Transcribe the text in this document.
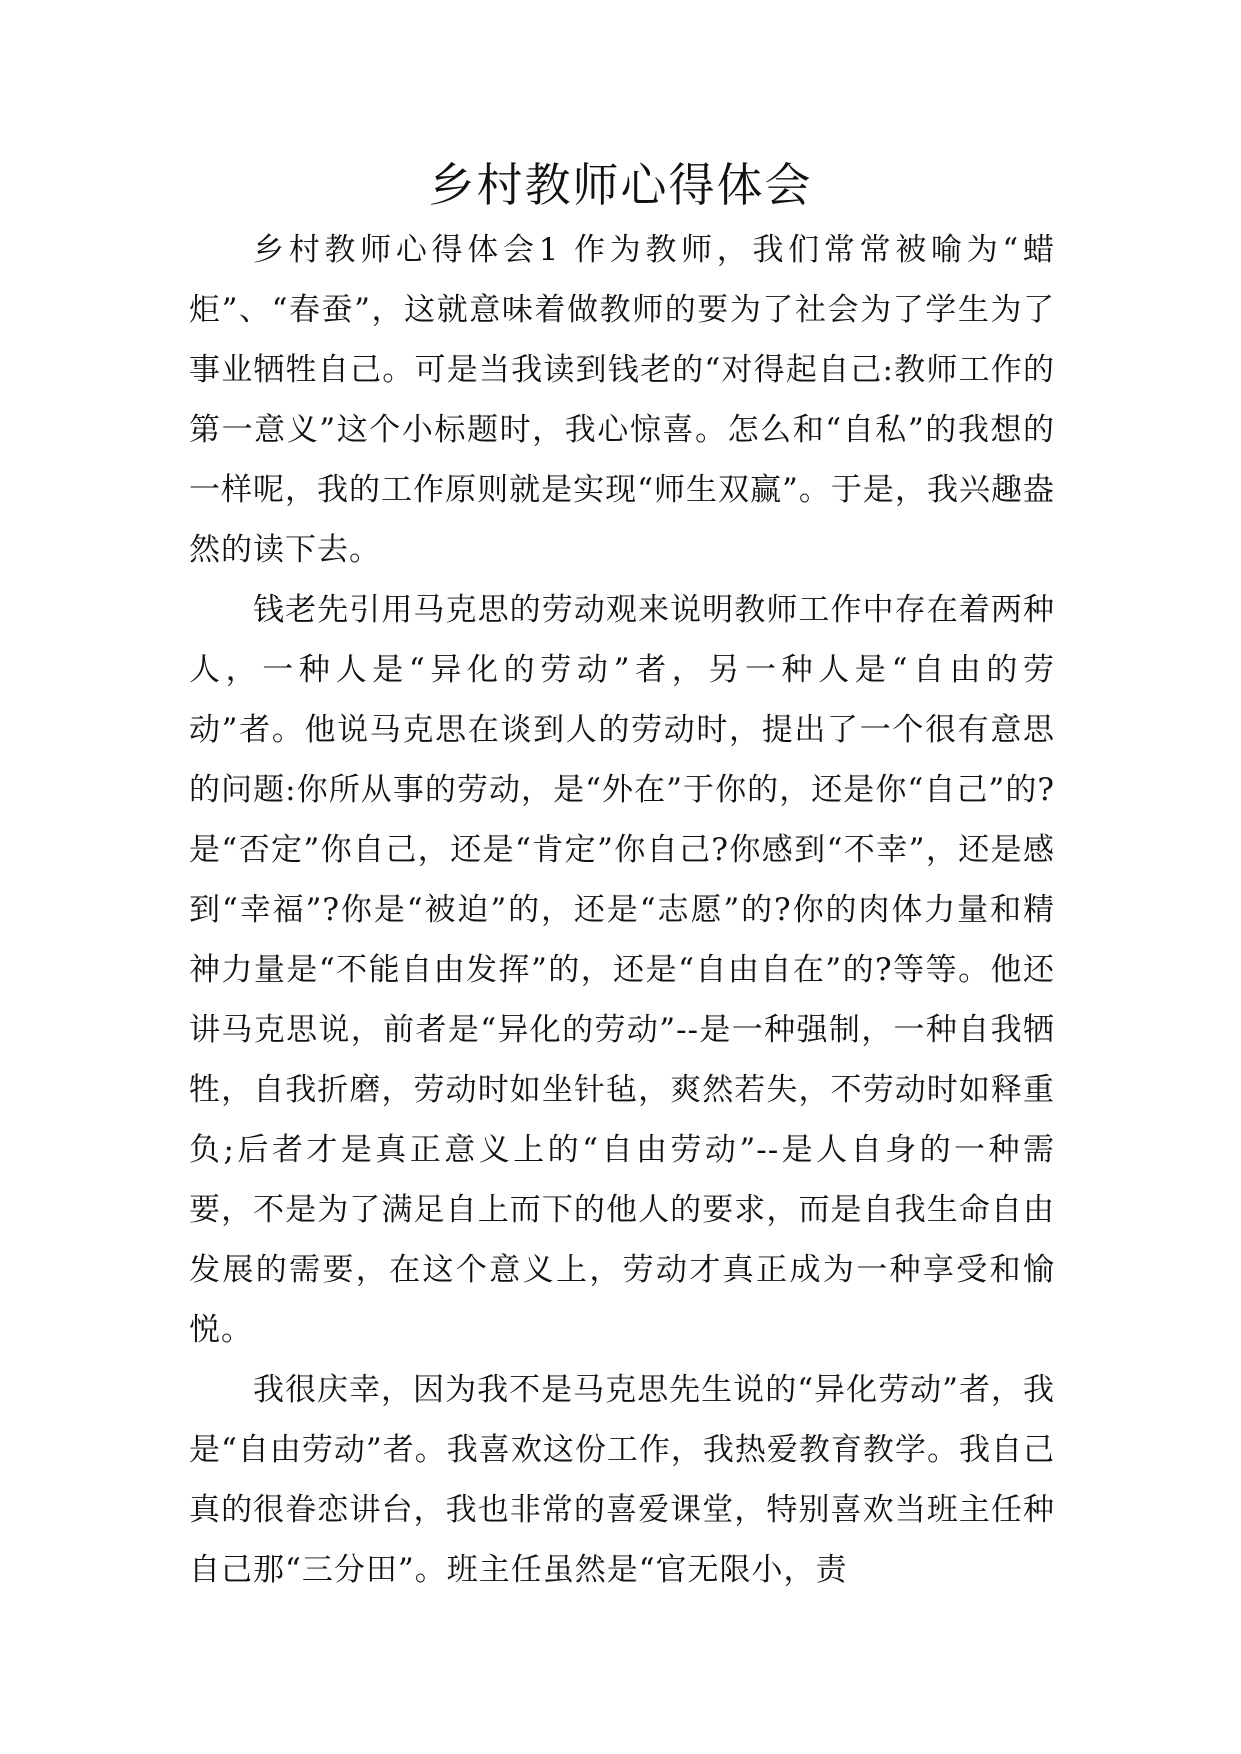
乡村教师心得体会

乡村教师心得体会1 作为教师，我们常常被喻为“蜡炬”、“春蚕”，这就意味着做教师的要为了社会为了学生为了事业牺牲自己。可是当我读到钱老的“对得起自己:教师工作的第一意义”这个小标题时，我心惊喜。怎么和“自私”的我想的一样呢，我的工作原则就是实现“师生双赢”。于是，我兴趣盎然的读下去。

钱老先引用马克思的劳动观来说明教师工作中存在着两种人，一种人是“异化的劳动”者，另一种人是“自由的劳动”者。他说马克思在谈到人的劳动时，提出了一个很有意思的问题:你所从事的劳动，是“外在”于你的，还是你“自己”的?是“否定”你自己，还是“肯定”你自己?你感到“不幸”，还是感到“幸福”?你是“被迫”的，还是“志愿”的?你的肉体力量和精神力量是“不能自由发挥”的，还是“自由自在”的?等等。他还讲马克思说，前者是“异化的劳动”--是一种强制，一种自我牺牲，自我折磨，劳动时如坐针毡，爽然若失，不劳动时如释重负;后者才是真正意义上的“自由劳动”--是人自身的一种需要，不是为了满足自上而下的他人的要求，而是自我生命自由发展的需要，在这个意义上，劳动才真正成为一种享受和愉悦。

我很庆幸，因为我不是马克思先生说的“异化劳动”者，我是“自由劳动”者。我喜欢这份工作，我热爱教育教学。我自己真的很眷恋讲台，我也非常的喜爱课堂，特别喜欢当班主任种自己那“三分田”。班主任虽然是“官无限小，责
